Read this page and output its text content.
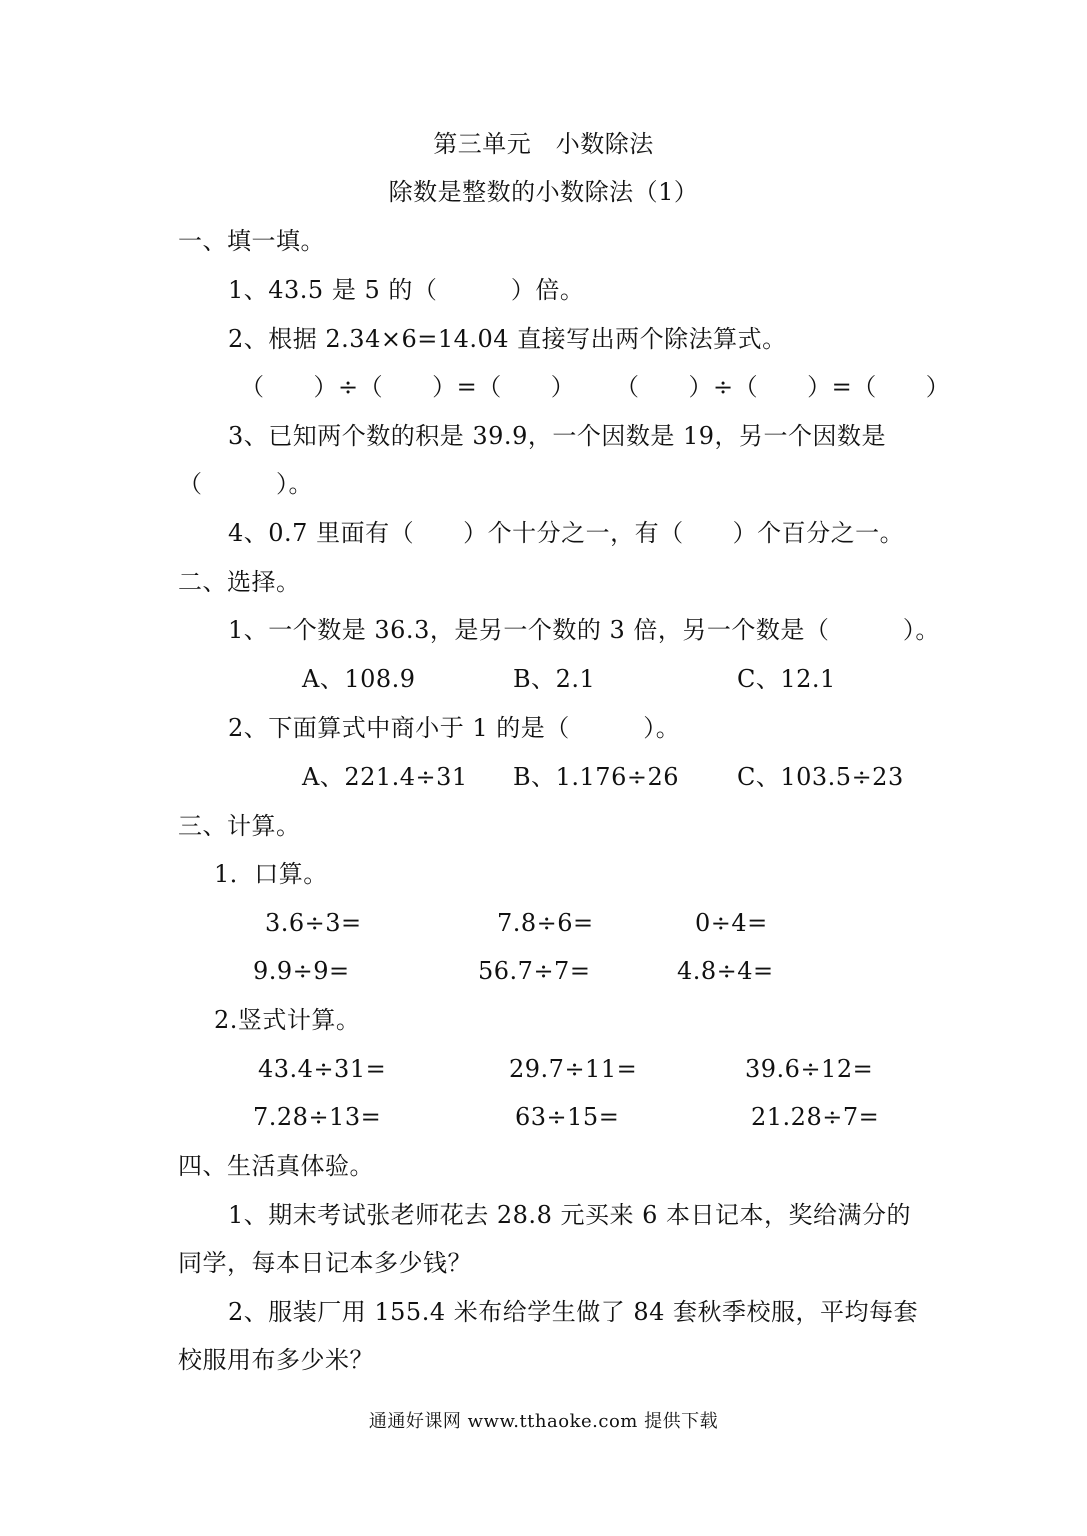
第三单元　小数除法
除数是整数的小数除法（1）
一、填一填。
1、43.5 是 5 的（　　　）倍。
2、根据 2.34×6=14.04 直接写出两个除法算式。
（　　）÷（　　）=（　　） （　　）÷（　　）=（　　）
3、已知两个数的积是 39.9，一个因数是 19，另一个因数是
（　　　）。
4、0.7 里面有（　　）个十分之一，有（　　）个百分之一。
二、选择。
1、一个数是 36.3，是另一个数的 3 倍，另一个数是（　　　）。
A、108.9	B、2.1	C、12.1
2、下面算式中商小于 1 的是（　　　）。
A、221.4÷31 B、1.176÷26 C、103.5÷23
三、计算。
1．口算。
3.6÷3=	7.8÷6=	0÷4=
9.9÷9=	56.7÷7=	4.8÷4=
2.竖式计算。
43.4÷31=	29.7÷11=	39.6÷12=
7.28÷13=	63÷15=	21.28÷7=
四、生活真体验。
1、期末考试张老师花去 28.8 元买来 6 本日记本，奖给满分的
同学，每本日记本多少钱？
2、服装厂用 155.4 米布给学生做了 84 套秋季校服，平均每套
校服用布多少米？
通通好课网 www.tthaoke.com 提供下载
